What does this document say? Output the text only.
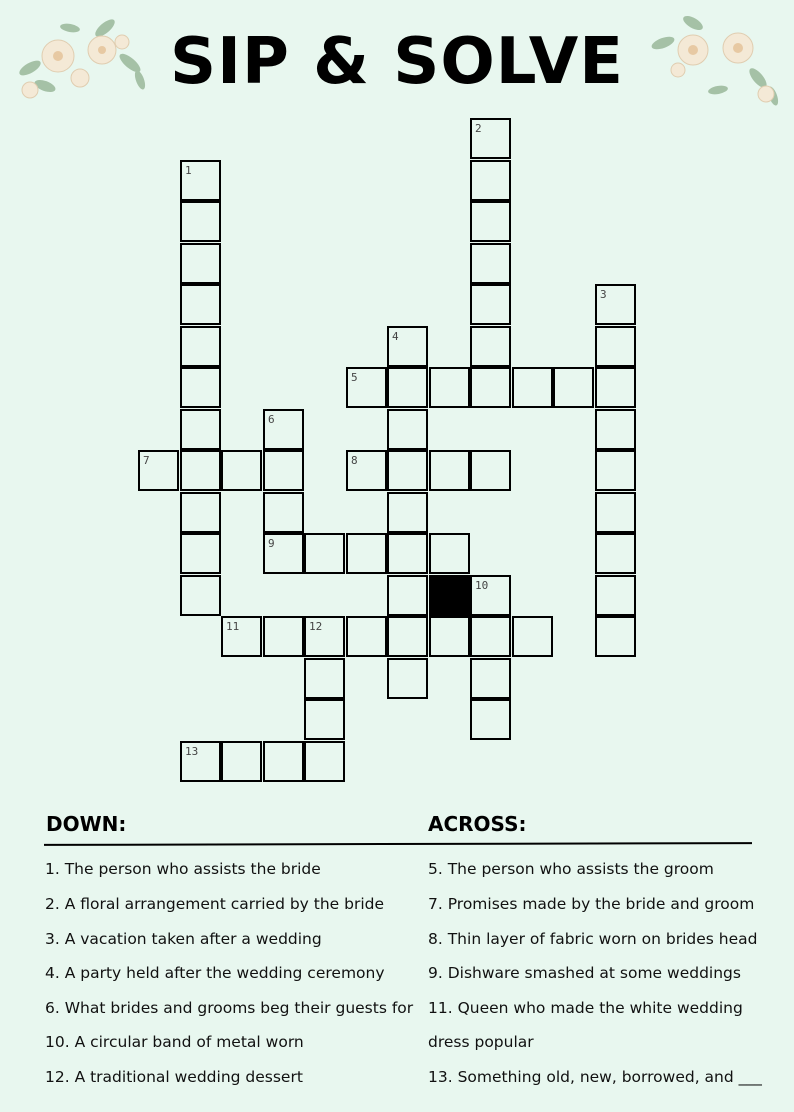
SIP & SOLVE
1
2
3
4
5
6
9
7	8
10
11	12
13
DOWN:	ACROSS:
1. The person who assists the bride
2. A floral arrangement carried by the bride
3. A vacation taken after a wedding
4. A party held after the wedding ceremony
6. What brides and grooms beg their guests for
10. A circular band of metal worn
12. A traditional wedding dessert
5. The person who assists the groom
7. Promises made by the bride and groom
8. Thin layer of fabric worn on brides head
9. Dishware smashed at some weddings
11. Queen who made the white wedding
dress popular
13. Something old, new, borrowed, and ___
